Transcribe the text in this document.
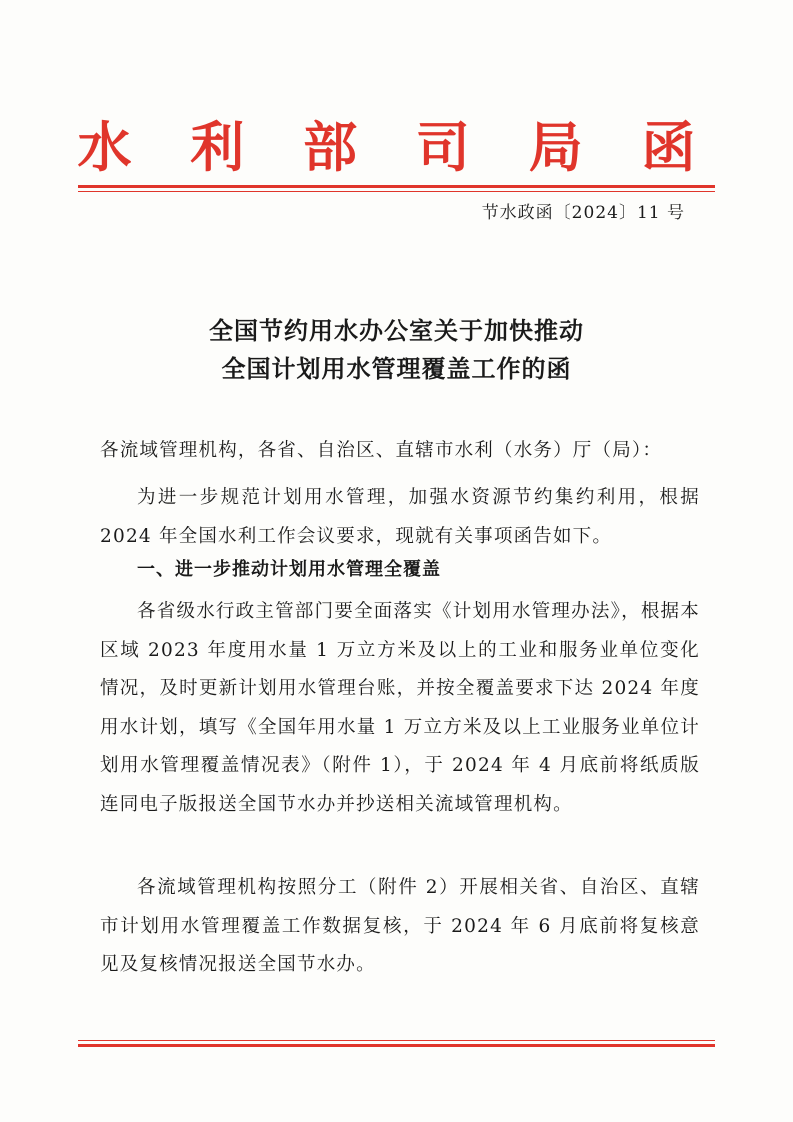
水 利 部 司 局 函
节水政函〔2024〕11 号
全国节约用水办公室关于加快推动
全国计划用水管理覆盖工作的函
各流域管理机构，各省、自治区、直辖市水利（水务）厅（局）：
为进一步规范计划用水管理，加强水资源节约集约利用，根据2024 年全国水利工作会议要求，现就有关事项函告如下。
一、进一步推动计划用水管理全覆盖
各省级水行政主管部门要全面落实《计划用水管理办法》，根据本区域 2023 年度用水量 1 万立方米及以上的工业和服务业单位变化情况，及时更新计划用水管理台账，并按全覆盖要求下达 2024 年度用水计划，填写《全国年用水量 1 万立方米及以上工业服务业单位计划用水管理覆盖情况表》（附件 1），于 2024 年 4 月底前将纸质版连同电子版报送全国节水办并抄送相关流域管理机构。
各流域管理机构按照分工（附件 2）开展相关省、自治区、直辖市计划用水管理覆盖工作数据复核，于 2024 年 6 月底前将复核意见及复核情况报送全国节水办。
